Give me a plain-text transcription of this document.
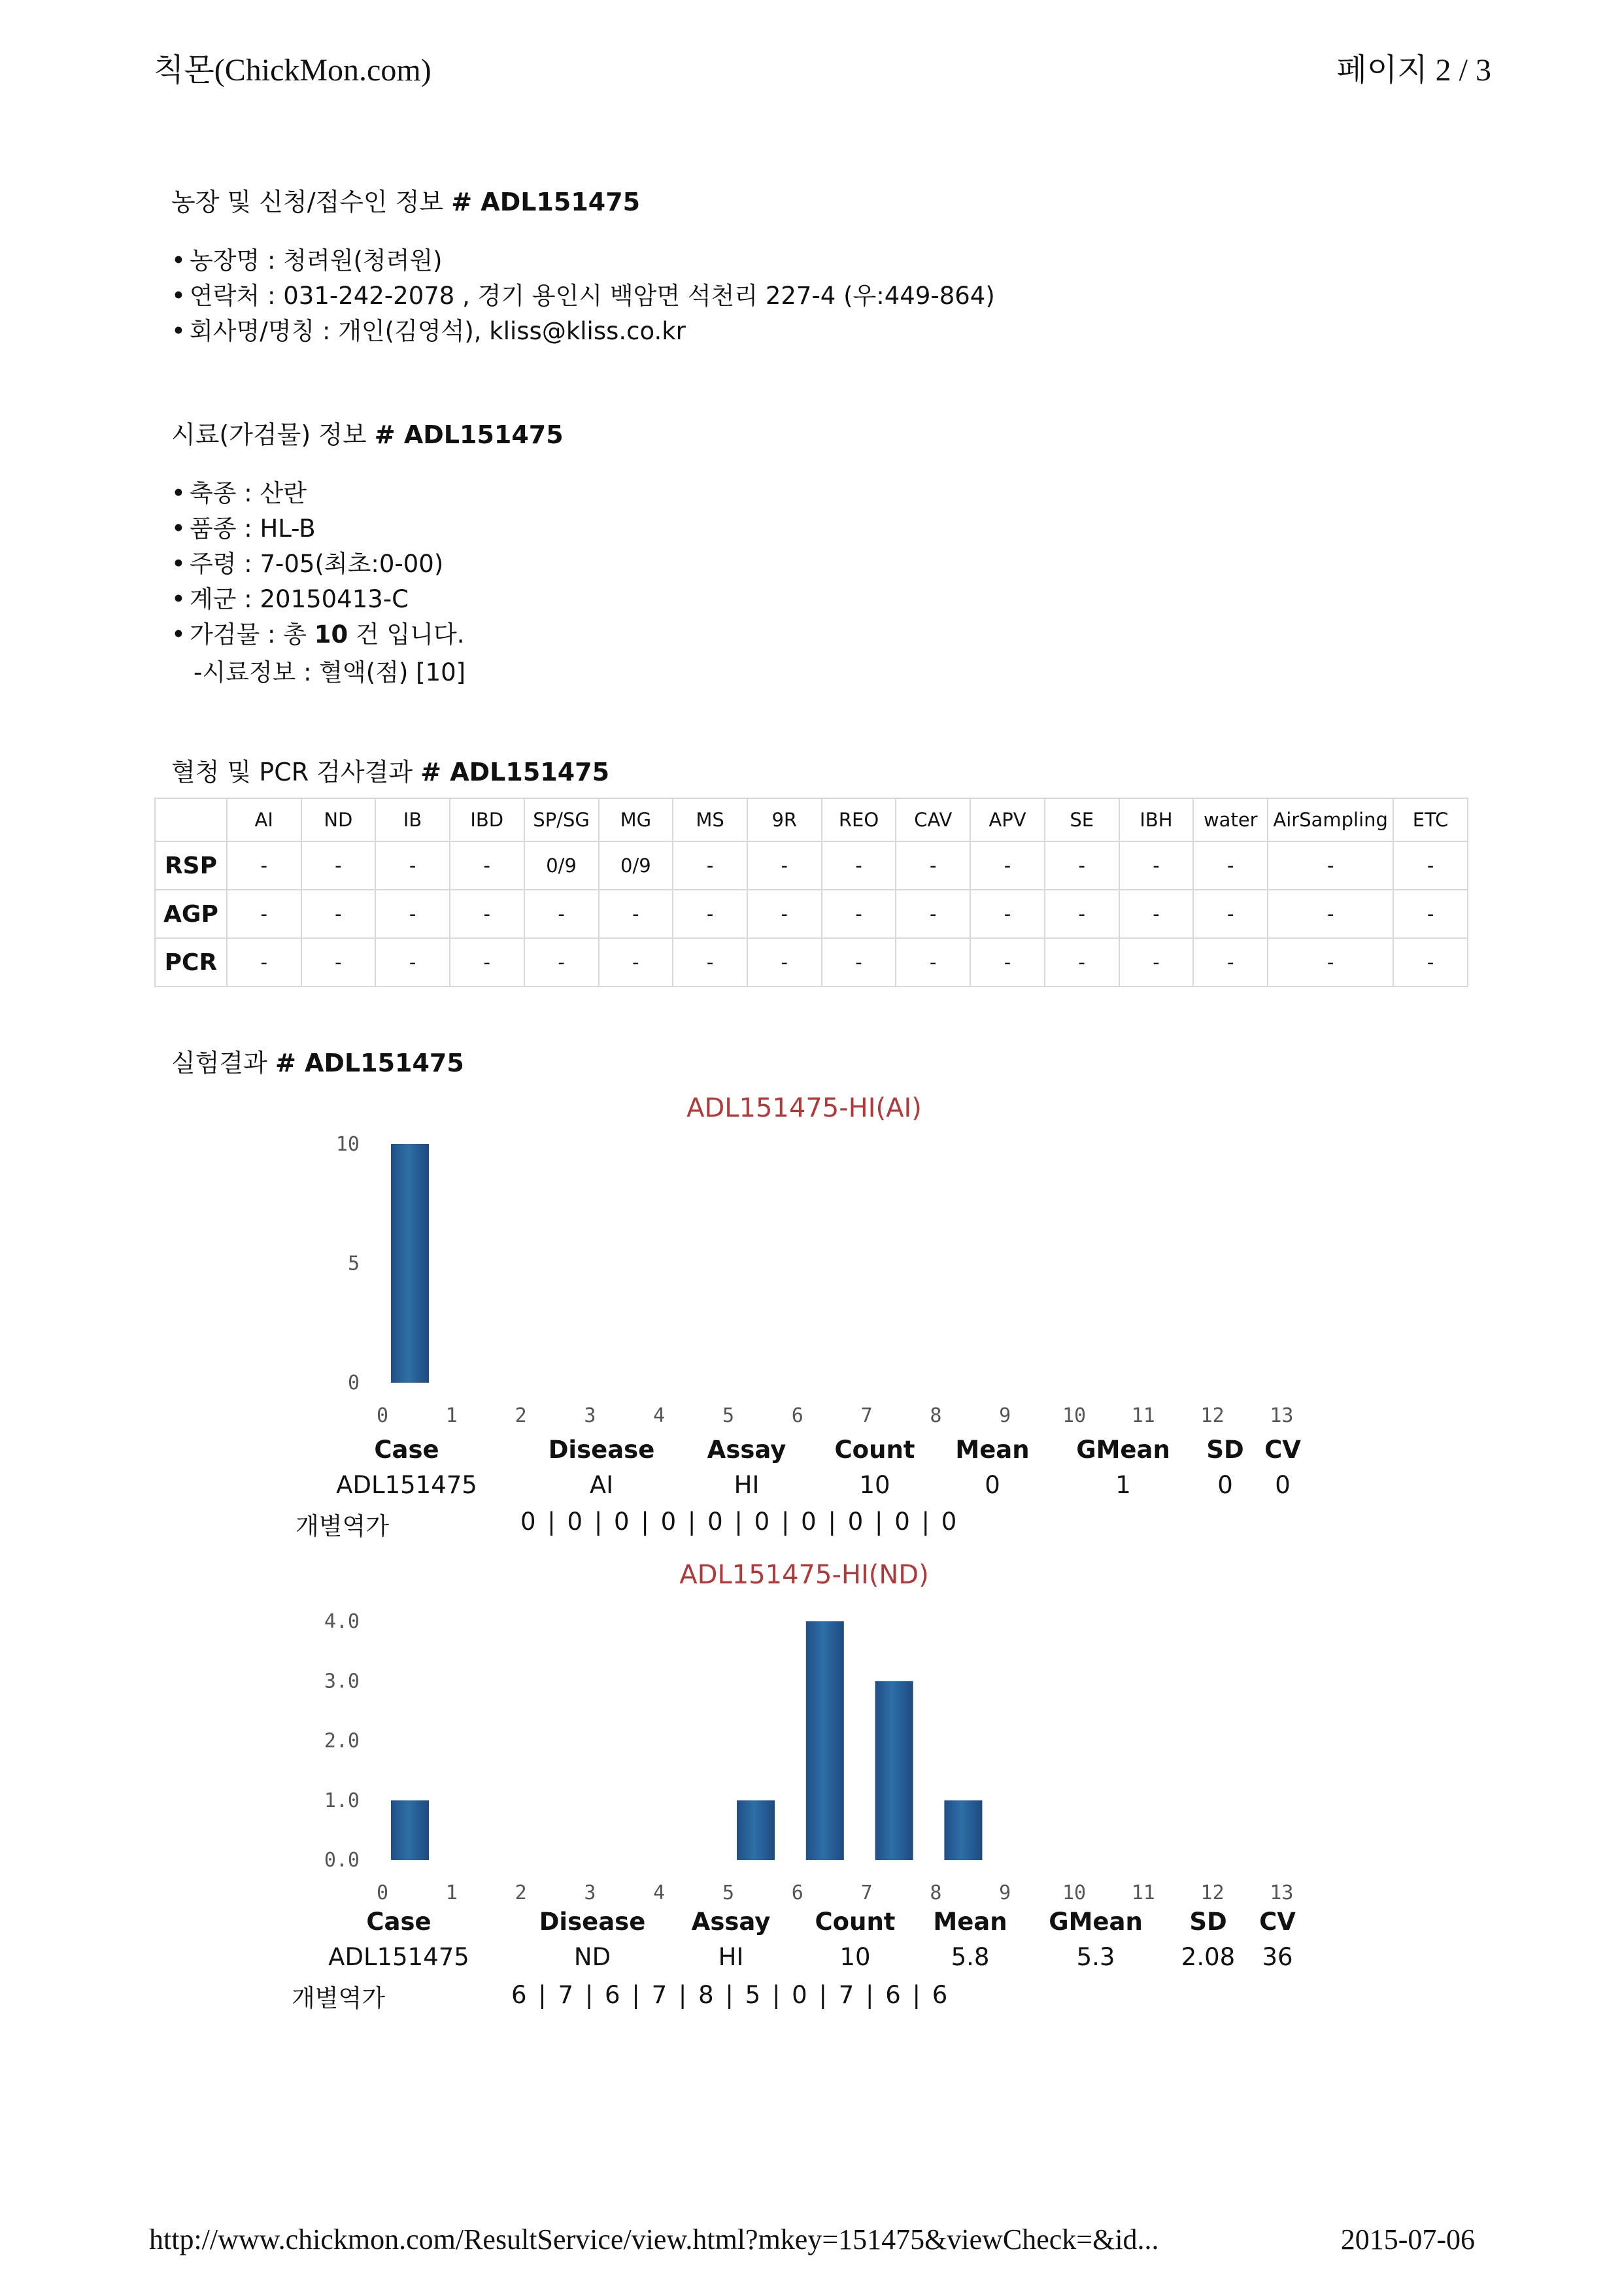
칙몬(ChickMon.com)	페이지 2 / 3
농장 및 신청/접수인 정보 # ADL151475
• 농장명 : 청려원(청려원)
• 연락처 : 031-242-2078 , 경기 용인시 백암면 석천리 227-4 (우:449-864)
• 회사명/명칭 : 개인(김영석), kliss@kliss.co.kr
시료(가검물) 정보 # ADL151475
• 축종 : 산란
• 품종 : HL-B
• 주령 : 7-05(최초:0-00)
• 계군 : 20150413-C
• 가검물 : 총 10 건 입니다.
-시료정보 : 혈액(점) [10]
혈청 및 PCR 검사결과 # ADL151475
	AI	ND	IB	IBD	SP/SG	MG	MS	9R	REO	CAV	APV	SE	IBH	water	AirSampling	ETC
RSP	-	-	-	-	0/9	0/9	-	-	-	-	-	-	-	-	-	-
AGP	-	-	-	-	-	-	-	-	-	-	-	-	-	-	-	-
PCR	-	-	-	-	-	-	-	-	-	-	-	-	-	-	-	-
실험결과 # ADL151475
ADL151475-HI(AI)
0
5
10
0	1	2	3	4	5	6	7	8	9	10 11 12 13
Case	Disease Assay Count Mean GMean SD CV
ADL151475	AI	HI	10	0	1	0 0
개별역가	0 | 0 | 0 | 0 | 0 | 0 | 0 | 0 | 0 | 0
ADL151475-HI(ND)
0.0
1.0
2.0
3.0
4.0
0	1	2	3	4	5	6	7	8	9	10 11 12 13
Case	Disease Assay Count Mean GMean SD CV
ADL151475	ND	HI	10	5.8	5.3	2.08 36
개별역가	6 | 7 | 6 | 7 | 8 | 5 | 0 | 7 | 6 | 6
http://www.chickmon.com/ResultService/view.html?mkey=151475&viewCheck=&id...	2015-07-06
